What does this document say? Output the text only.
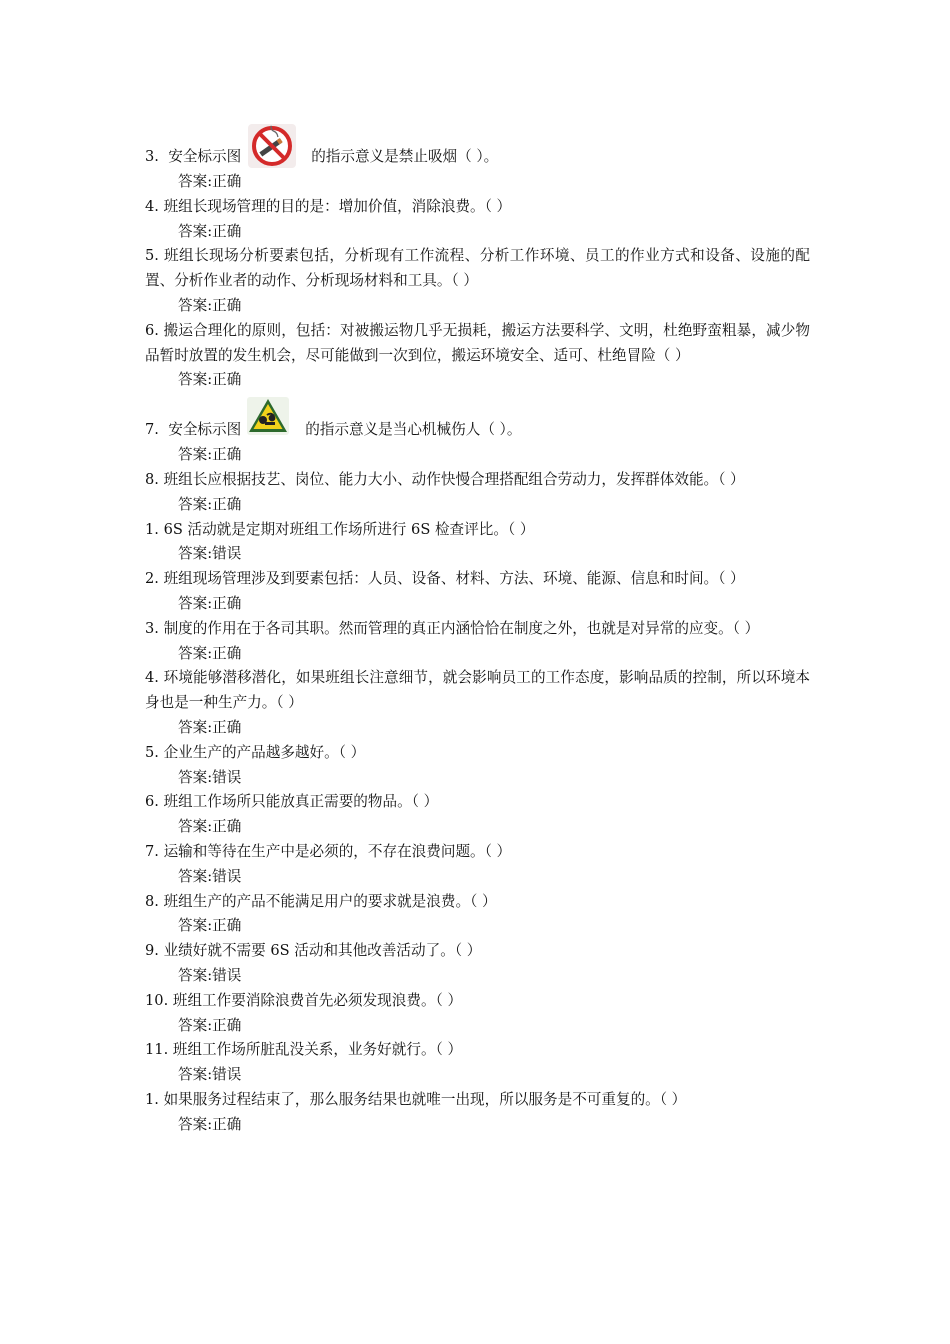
3. 安全标示图	的指示意义是禁止吸烟（ ）。

答案:正确

4. 班组长现场管理的目的是：增加价值，消除浪费。（ ）

答案:正确

5. 班组长现场分析要素包括，分析现有工作流程、分析工作环境、员工的作业方式和设备、设施的配置、分析作业者的动作、分析现场材料和工具。（ ）

答案:正确

6. 搬运合理化的原则，包括：对被搬运物几乎无损耗，搬运方法要科学、文明，杜绝野蛮粗暴，减少物品暂时放置的发生机会，尽可能做到一次到位，搬运环境安全、适可、杜绝冒险（ ）

答案:正确

7. 安全标示图	的指示意义是当心机械伤人（ ）。

答案:正确

8. 班组长应根据技艺、岗位、能力大小、动作快慢合理搭配组合劳动力，发挥群体效能。（ ）

答案:正确

1. 6S 活动就是定期对班组工作场所进行 6S 检查评比。（ ）

答案:错误

2. 班组现场管理涉及到要素包括：人员、设备、材料、方法、环境、能源、信息和时间。（ ）

答案:正确

3. 制度的作用在于各司其职。然而管理的真正内涵恰恰在制度之外，也就是对异常的应变。（ ）

答案:正确

4. 环境能够潜移潜化，如果班组长注意细节，就会影响员工的工作态度，影响品质的控制，所以环境本身也是一种生产力。（ ）

答案:正确

5. 企业生产的产品越多越好。（ ）

答案:错误

6. 班组工作场所只能放真正需要的物品。（ ）

答案:正确

7. 运输和等待在生产中是必须的，不存在浪费问题。（ ）

答案:错误

8. 班组生产的产品不能满足用户的要求就是浪费。（ ）

答案:正确

9. 业绩好就不需要 6S 活动和其他改善活动了。（ ）

答案:错误

10. 班组工作要消除浪费首先必须发现浪费。（ ）

答案:正确

11. 班组工作场所脏乱没关系，业务好就行。（ ）

答案:错误

1. 如果服务过程结束了，那么服务结果也就唯一出现，所以服务是不可重复的。（ ）

答案:正确
